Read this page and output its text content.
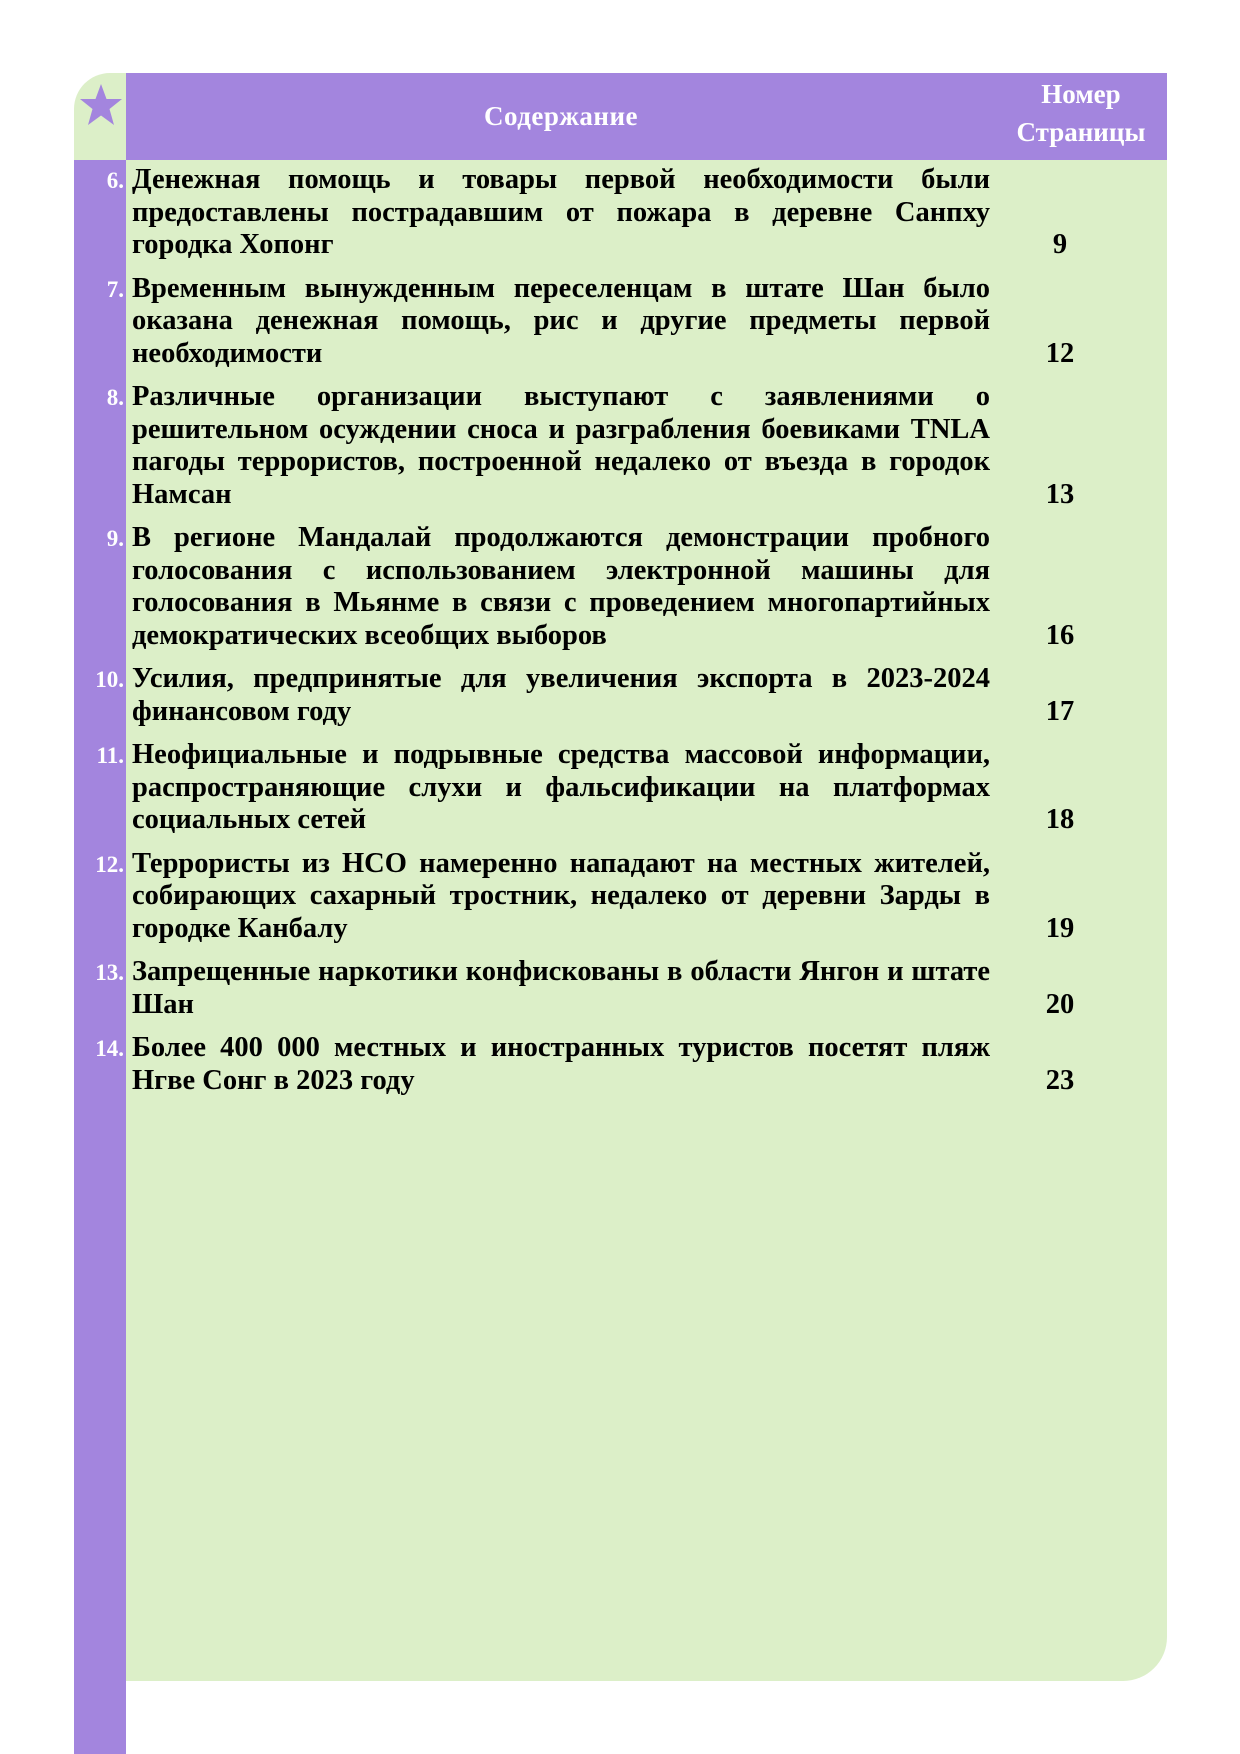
Содержание
Номер
Страницы
6. Денежная помощь и товары первой необходимости были предоставлены пострадавшим от пожара в деревне Санпху городка Хопонг	9
7. Временным вынужденным переселенцам в штате Шан было оказана денежная помощь, рис и другие предметы первой необходимости	12
8. Различные организации выступают с заявлениями о решительном осуждении сноса и разграбления боевиками TNLA пагоды террористов, построенной недалеко от въезда в городок Намсан	13
9. В регионе Мандалай продолжаются демонстрации пробного голосования с использованием электронной машины для голосования в Мьянме в связи с проведением многопартийных демократических всеобщих выборов	16
10. Усилия, предпринятые для увеличения экспорта в 2023-2024 финансовом году	17
11. Неофициальные и подрывные средства массовой информации, распространяющие слухи и фальсификации на платформах социальных сетей	18
12. Террористы из НСО намеренно нападают на местных жителей, собирающих сахарный тростник, недалеко от деревни Зарды в городке Канбалу	19
13. Запрещенные наркотики конфискованы в области Янгон и штате Шан	20
14. Более 400 000 местных и иностранных туристов посетят пляж Нгве Сонг в 2023 году	23
